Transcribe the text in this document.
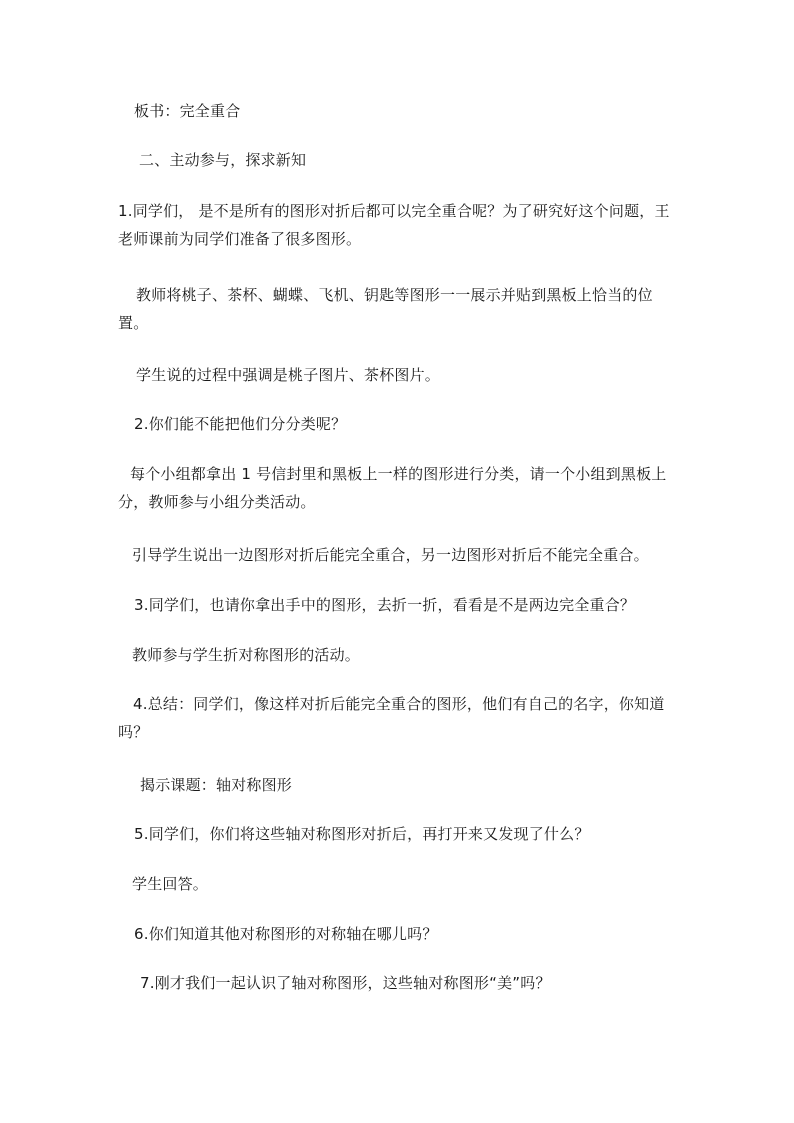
板书：完全重合
二、主动参与，探求新知
1.同学们， 是不是所有的图形对折后都可以完全重合呢？为了研究好这个问题，王老师课前为同学们准备了很多图形。
教师将桃子、茶杯、蝴蝶、飞机、钥匙等图形一一展示并贴到黑板上恰当的位置。
学生说的过程中强调是桃子图片、茶杯图片。
2.你们能不能把他们分分类呢？
每个小组都拿出 1 号信封里和黑板上一样的图形进行分类，请一个小组到黑板上分，教师参与小组分类活动。
引导学生说出一边图形对折后能完全重合，另一边图形对折后不能完全重合。
3.同学们，也请你拿出手中的图形，去折一折，看看是不是两边完全重合？
教师参与学生折对称图形的活动。
4.总结：同学们，像这样对折后能完全重合的图形，他们有自己的名字，你知道吗？
揭示课题：轴对称图形
5.同学们，你们将这些轴对称图形对折后，再打开来又发现了什么？
学生回答。
6.你们知道其他对称图形的对称轴在哪儿吗？
7.刚才我们一起认识了轴对称图形，这些轴对称图形“美”吗？
